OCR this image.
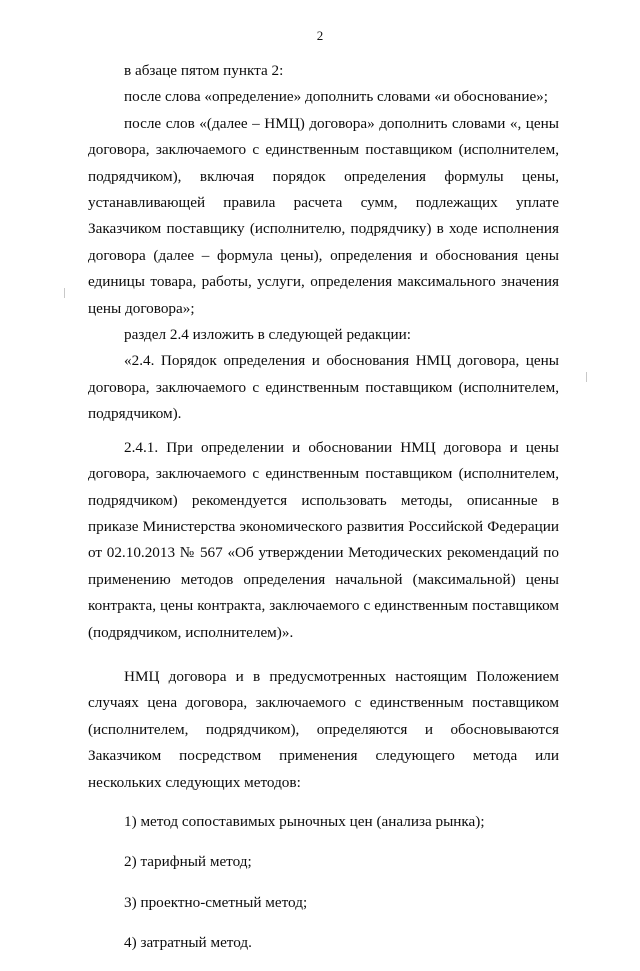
2

в абзаце пятом пункта 2:

после слова «определение» дополнить словами «и обоснование»;

после слов «(далее – НМЦ) договора» дополнить словами «, цены договора, заключаемого с единственным поставщиком (исполнителем, подрядчиком), включая порядок определения формулы цены, устанавливающей правила расчета сумм, подлежащих уплате Заказчиком поставщику (исполнителю, подрядчику) в ходе исполнения договора (далее – формула цены), определения и обоснования цены единицы товара, работы, услуги, определения максимального значения цены договора»;

раздел 2.4 изложить в следующей редакции:

«2.4. Порядок определения и обоснования НМЦ договора, цены договора, заключаемого с единственным поставщиком (исполнителем, подрядчиком).

2.4.1. При определении и обосновании НМЦ договора и цены договора, заключаемого с единственным поставщиком (исполнителем, подрядчиком) рекомендуется использовать методы, описанные в приказе Министерства экономического развития Российской Федерации от 02.10.2013 № 567 «Об утверждении Методических рекомендаций по применению методов определения начальной (максимальной) цены контракта, цены контракта, заключаемого с единственным поставщиком (подрядчиком, исполнителем)».

НМЦ договора и в предусмотренных настоящим Положением случаях цена договора, заключаемого с единственным поставщиком (исполнителем, подрядчиком), определяются и обосновываются Заказчиком посредством применения следующего метода или нескольких следующих методов:

1) метод сопоставимых рыночных цен (анализа рынка);

2) тарифный метод;

3) проектно-сметный метод;

4) затратный метод.
